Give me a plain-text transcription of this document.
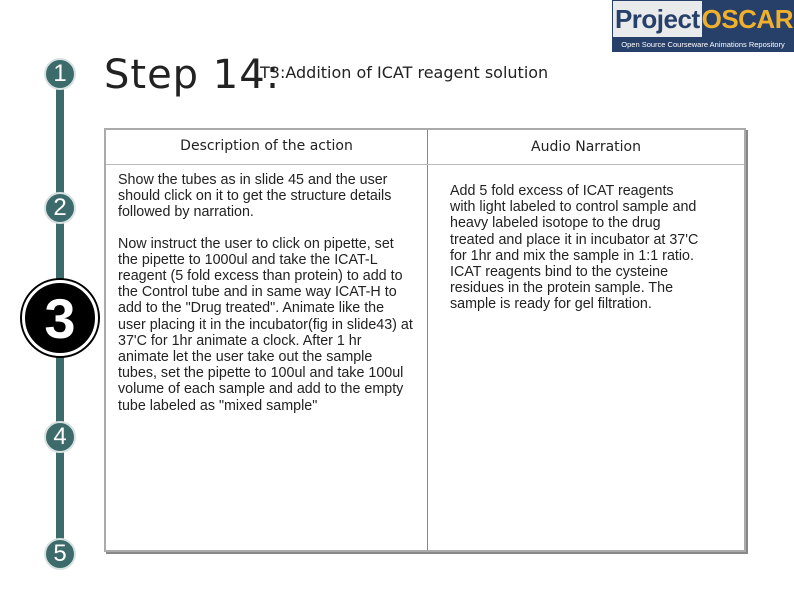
Project OSCAR
Open Source Courseware Animations Repository
1
2
3
4
5
Step 14:
T3:Addition of ICAT reagent solution
Description of the action	Audio Narration
Show the tubes as in slide 45 and the user should click on it to get the structure details followed by narration.
Now instruct the user to click on pipette, set the pipette to 1000ul and take the ICAT-L reagent (5 fold excess than protein) to add to the Control tube and in same way ICAT-H to add to the "Drug treated". Animate like the user placing it in the incubator(fig in slide43) at 37'C for 1hr animate a clock. After 1 hr animate let the user take out the sample tubes, set the pipette to 100ul and take 100ul volume of each sample and add to the empty tube labeled as "mixed sample"
Add 5 fold excess of ICAT reagents with light labeled to control sample and heavy labeled isotope to the drug treated and place it in incubator at 37'C for 1hr and mix the sample in 1:1 ratio. ICAT reagents bind to the cysteine residues in the protein sample. The sample is ready for gel filtration.
